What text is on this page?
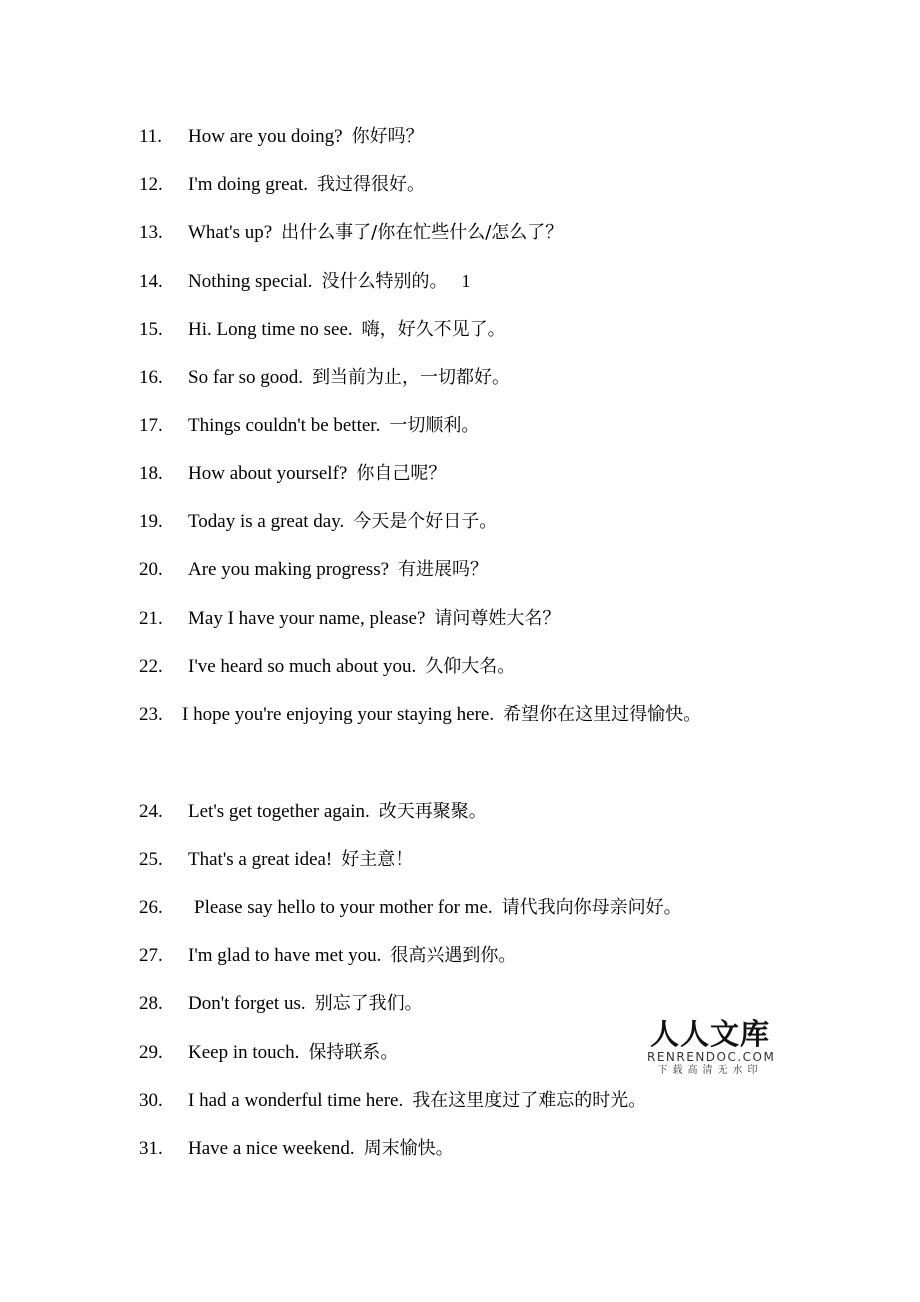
11. How are you doing? 你好吗？
12. I'm doing great. 我过得很好。
13. What's up? 出什么事了/你在忙些什么/怎么了？
14. Nothing special. 没什么特别的。 1
15. Hi. Long time no see. 嗨，好久不见了。
16. So far so good. 到当前为止，一切都好。
17. Things couldn't be better. 一切顺利。
18. How about yourself? 你自己呢？
19. Today is a great day. 今天是个好日子。
20. Are you making progress? 有进展吗？
21. May I have your name, please? 请问尊姓大名？
22. I've heard so much about you. 久仰大名。
23. I hope you're enjoying your staying here. 希望你在这里过得愉快。
24. Let's get together again. 改天再聚聚。
25. That's a great idea! 好主意！
26. Please say hello to your mother for me. 请代我向你母亲问好。
27. I'm glad to have met you. 很高兴遇到你。
28. Don't forget us. 别忘了我们。
29. Keep in touch. 保持联系。
30. I had a wonderful time here. 我在这里度过了难忘的时光。
31. Have a nice weekend. 周末愉快。
人人文库
RENRENDOC.COM
下载高清无水印
